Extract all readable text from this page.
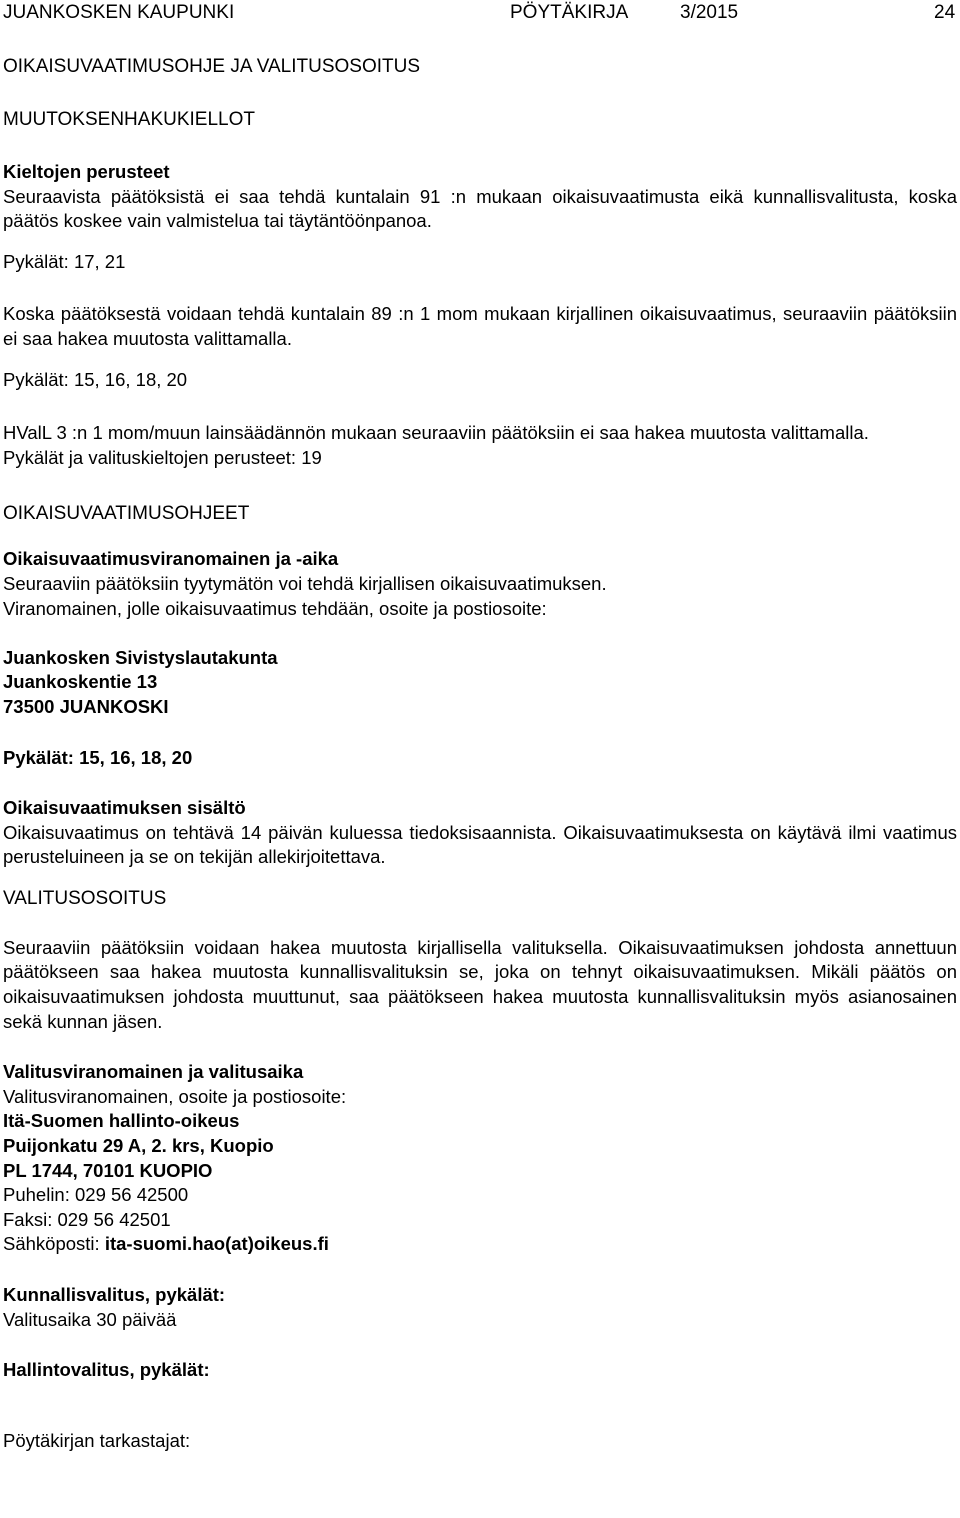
JUANKOSKEN KAUPUNKI	PÖYTÄKIRJA	3/2015	24

OIKAISUVAATIMUSOHJE JA VALITUSOSOITUS

MUUTOKSENHAKUKIELLOT

Kieltojen perusteet

Seuraavista päätöksistä ei saa tehdä kuntalain 91 :n mukaan oikaisuvaatimusta eikä kunnallisvalitusta, koska päätös koskee vain valmistelua tai täytäntöönpanoa.

Pykälät: 17, 21

Koska päätöksestä voidaan tehdä kuntalain 89 :n 1 mom mukaan kirjallinen oikaisuvaatimus, seuraaviin päätöksiin ei saa hakea muutosta valittamalla.

Pykälät: 15, 16, 18, 20

HValL 3 :n 1 mom/muun lainsäädännön mukaan seuraaviin päätöksiin ei saa hakea muutosta valittamalla.

Pykälät ja valituskieltojen perusteet: 19

OIKAISUVAATIMUSOHJEET

Oikaisuvaatimusviranomainen ja -aika

Seuraaviin päätöksiin tyytymätön voi tehdä kirjallisen oikaisuvaatimuksen.

Viranomainen, jolle oikaisuvaatimus tehdään, osoite ja postiosoite:

Juankosken Sivistyslautakunta

Juankoskentie 13

73500 JUANKOSKI

Pykälät: 15, 16, 18, 20

Oikaisuvaatimuksen sisältö

Oikaisuvaatimus on tehtävä 14 päivän kuluessa tiedoksisaannista. Oikaisuvaatimuksesta on käytävä ilmi vaatimus perusteluineen ja se on tekijän allekirjoitettava.

VALITUSOSOITUS

Seuraaviin päätöksiin voidaan hakea muutosta kirjallisella valituksella. Oikaisuvaatimuksen johdosta annettuun päätökseen saa hakea muutosta kunnallisvalituksin se, joka on tehnyt oikaisuvaatimuksen. Mikäli päätös on oikaisuvaatimuksen johdosta muuttunut, saa päätökseen hakea muutosta kunnallisvalituksin myös asianosainen sekä kunnan jäsen.

Valitusviranomainen ja valitusaika

Valitusviranomainen, osoite ja postiosoite:

Itä-Suomen hallinto-oikeus

Puijonkatu 29 A, 2. krs, Kuopio

PL 1744, 70101 KUOPIO

Puhelin: 029 56 42500

Faksi: 029 56 42501

Sähköposti: ita-suomi.hao(at)oikeus.fi

Kunnallisvalitus, pykälät:

Valitusaika 30 päivää

Hallintovalitus, pykälät:

Pöytäkirjan tarkastajat:
